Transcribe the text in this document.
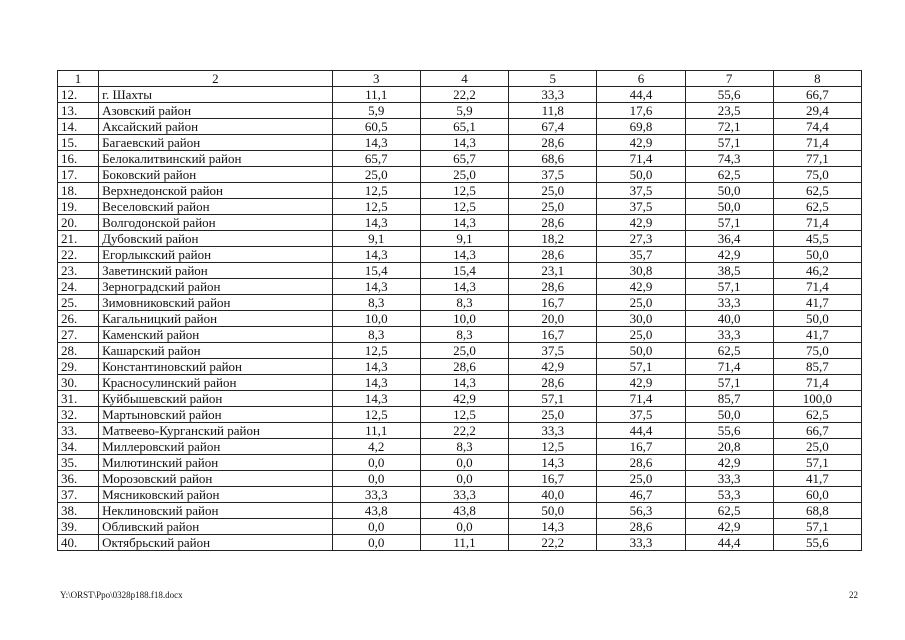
1	2	3	4	5	6	7	8
12.	г. Шахты	11,1	22,2	33,3	44,4	55,6	66,7
13.	Азовский район	5,9	5,9	11,8	17,6	23,5	29,4
14.	Аксайский район	60,5	65,1	67,4	69,8	72,1	74,4
15.	Багаевский район	14,3	14,3	28,6	42,9	57,1	71,4
16.	Белокалитвинский район	65,7	65,7	68,6	71,4	74,3	77,1
17.	Боковский район	25,0	25,0	37,5	50,0	62,5	75,0
18.	Верхнедонской район	12,5	12,5	25,0	37,5	50,0	62,5
19.	Веселовский район	12,5	12,5	25,0	37,5	50,0	62,5
20.	Волгодонской район	14,3	14,3	28,6	42,9	57,1	71,4
21.	Дубовский район	9,1	9,1	18,2	27,3	36,4	45,5
22.	Егорлыкский район	14,3	14,3	28,6	35,7	42,9	50,0
23.	Заветинский район	15,4	15,4	23,1	30,8	38,5	46,2
24.	Зерноградский район	14,3	14,3	28,6	42,9	57,1	71,4
25.	Зимовниковский район	8,3	8,3	16,7	25,0	33,3	41,7
26.	Кагальницкий район	10,0	10,0	20,0	30,0	40,0	50,0
27.	Каменский район	8,3	8,3	16,7	25,0	33,3	41,7
28.	Кашарский район	12,5	25,0	37,5	50,0	62,5	75,0
29.	Константиновский район	14,3	28,6	42,9	57,1	71,4	85,7
30.	Красносулинский район	14,3	14,3	28,6	42,9	57,1	71,4
31.	Куйбышевский район	14,3	42,9	57,1	71,4	85,7	100,0
32.	Мартыновский район	12,5	12,5	25,0	37,5	50,0	62,5
33.	Матвеево-Курганский район	11,1	22,2	33,3	44,4	55,6	66,7
34.	Миллеровский район	4,2	8,3	12,5	16,7	20,8	25,0
35.	Милютинский район	0,0	0,0	14,3	28,6	42,9	57,1
36.	Морозовский район	0,0	0,0	16,7	25,0	33,3	41,7
37.	Мясниковский район	33,3	33,3	40,0	46,7	53,3	60,0
38.	Неклиновский район	43,8	43,8	50,0	56,3	62,5	68,8
39.	Обливский район	0,0	0,0	14,3	28,6	42,9	57,1
40.	Октябрьский район	0,0	11,1	22,2	33,3	44,4	55,6
Y:\ORST\Ppo\0328p188.f18.docx	22
